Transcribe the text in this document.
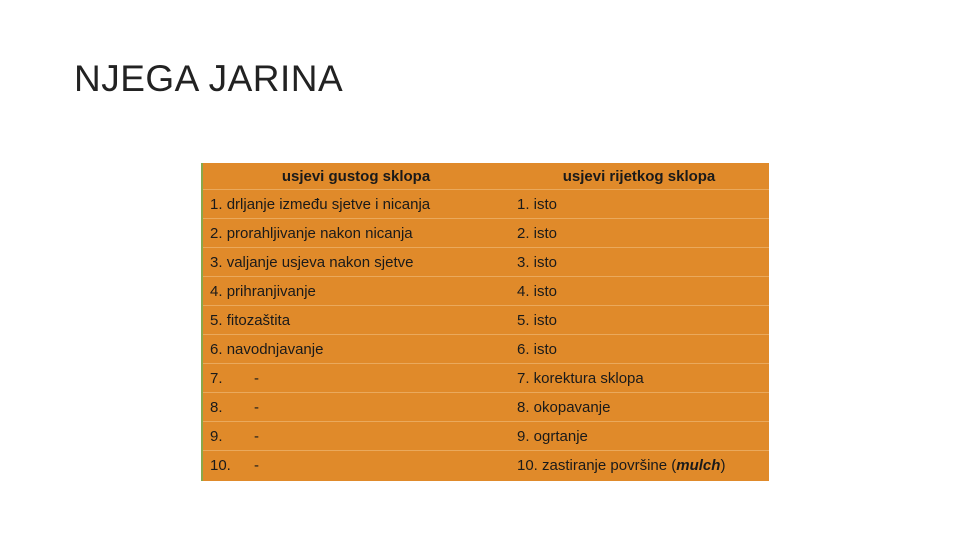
NJEGA JARINA
usjevi gustog sklopa	usjevi rijetkog sklopa
1. drljanje između sjetve i nicanja	1. isto
2. prorahljivanje nakon nicanja	2. isto
3. valjanje usjeva nakon sjetve	3. isto
4. prihranjivanje	4. isto
5. fitozaštita	5. isto
6. navodnjavanje	6. isto
7. -	7. korektura sklopa
8. -	8. okopavanje
9. -	9. ogrtanje
10. -	10. zastiranje površine (mulch)
